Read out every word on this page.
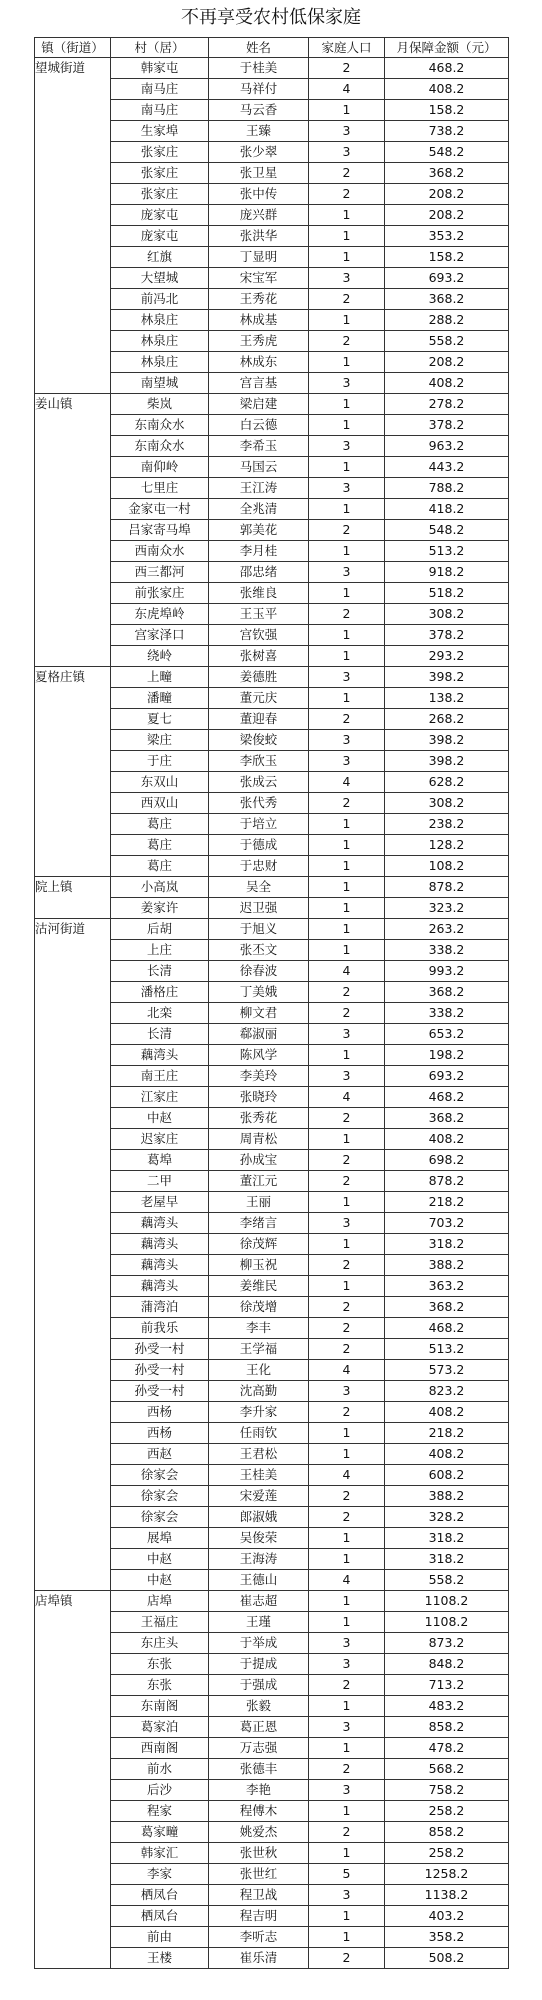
不再享受农村低保家庭
镇（街道）	村（居）	姓名	家庭人口	月保障金额（元）
望城街道	韩家屯	于桂美	2	468.2
	南马庄	马祥付	4	408.2
	南马庄	马云香	1	158.2
	生家埠	王臻	3	738.2
	张家庄	张少翠	3	548.2
	张家庄	张卫星	2	368.2
	张家庄	张中传	2	208.2
	庞家屯	庞兴群	1	208.2
	庞家屯	张洪华	1	353.2
	红旗	丁显明	1	158.2
	大望城	宋宝军	3	693.2
	前冯北	王秀花	2	368.2
	林泉庄	林成基	1	288.2
	林泉庄	王秀虎	2	558.2
	林泉庄	林成东	1	208.2
	南望城	宫言基	3	408.2
姜山镇	柴岚	梁启建	1	278.2
	东南众水	白云德	1	378.2
	东南众水	李希玉	3	963.2
	南仰岭	马国云	1	443.2
	七里庄	王江涛	3	788.2
	金家屯一村	全兆清	1	418.2
	吕家寄马埠	郭美花	2	548.2
	西南众水	李月桂	1	513.2
	西三都河	邵忠绪	3	918.2
	前张家庄	张维良	1	518.2
	东虎埠岭	王玉平	2	308.2
	宫家泽口	宫钦强	1	378.2
	绕岭	张树喜	1	293.2
夏格庄镇	上疃	姜德胜	3	398.2
	潘疃	董元庆	1	138.2
	夏七	董迎春	2	268.2
	梁庄	梁俊蛟	3	398.2
	于庄	李欣玉	3	398.2
	东双山	张成云	4	628.2
	西双山	张代秀	2	308.2
	葛庄	于培立	1	238.2
	葛庄	于德成	1	128.2
	葛庄	于忠财	1	108.2
院上镇	小高岚	吴全	1	878.2
	姜家许	迟卫强	1	323.2
沽河街道	后胡	于旭义	1	263.2
	上庄	张丕文	1	338.2
	长清	徐春波	4	993.2
	潘格庄	丁美娥	2	368.2
	北栾	柳文君	2	338.2
	长清	郗淑丽	3	653.2
	藕湾头	陈风学	1	198.2
	南王庄	李美玲	3	693.2
	江家庄	张晓玲	4	468.2
	中赵	张秀花	2	368.2
	迟家庄	周青松	1	408.2
	葛埠	孙成宝	2	698.2
	二甲	董江元	2	878.2
	老屋早	王丽	1	218.2
	藕湾头	李绪言	3	703.2
	藕湾头	徐茂辉	1	318.2
	藕湾头	柳玉祝	2	388.2
	藕湾头	姜维民	1	363.2
	蒲湾泊	徐茂增	2	368.2
	前我乐	李丰	2	468.2
	孙受一村	王学福	2	513.2
	孙受一村	王化	4	573.2
	孙受一村	沈高勤	3	823.2
	西杨	李升家	2	408.2
	西杨	任雨钦	1	218.2
	西赵	王君松	1	408.2
	徐家会	王桂美	4	608.2
	徐家会	宋爱莲	2	388.2
	徐家会	郎淑娥	2	328.2
	展埠	吴俊荣	1	318.2
	中赵	王海涛	1	318.2
	中赵	王德山	4	558.2
店埠镇	店埠	崔志超	1	1108.2
	王福庄	王瑾	1	1108.2
	东庄头	于举成	3	873.2
	东张	于提成	3	848.2
	东张	于强成	2	713.2
	东南阁	张毅	1	483.2
	葛家泊	葛正恩	3	858.2
	西南阁	万志强	1	478.2
	前水	张德丰	2	568.2
	后沙	李艳	3	758.2
	程家	程傅木	1	258.2
	葛家疃	姚爱杰	2	858.2
	韩家汇	张世秋	1	258.2
	李家	张世红	5	1258.2
	栖凤台	程卫战	3	1138.2
	栖凤台	程吉明	1	403.2
	前由	李听志	1	358.2
	王楼	崔乐清	2	508.2
